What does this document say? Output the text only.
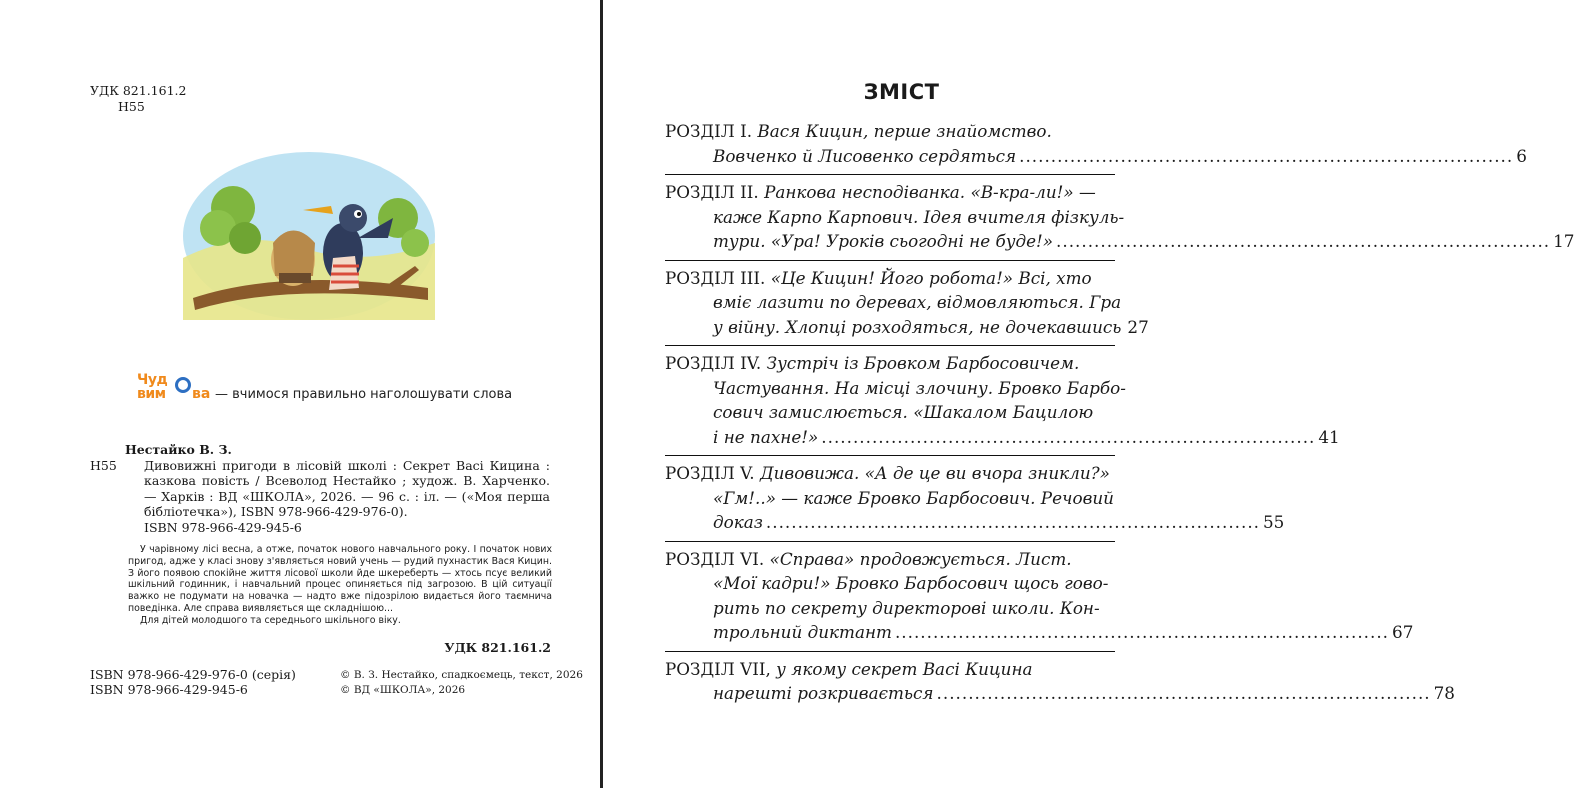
УДК 821.161.2
Н55
Чуд
вим ва — вчимося правильно наголошувати слова
Нестайко В. З.
Н55	Дивовижні пригоди в лісовій школі : Секрет Васі Кицина : казкова повість / Всеволод Нестайко ; худож. В. Харченко. — Харків : ВД «ШКОЛА», 2026. — 96 с. : іл. — («Моя перша бібліотечка»), ISBN 978-966-429-976-0).
ISBN 978-966-429-945-6

У чарівному лісі весна, а отже, початок нового навчального року. І початок нових пригод, адже у класі знову з'являється новий учень — рудий пухнастик Вася Кицин. З його появою спокійне життя лісової школи йде шкереберть — хтось псує великий шкільний годинник, і навчальний процес опиняється під загрозою. В цій ситуації важко не подумати на новачка — надто вже підозрілою видається його таємнича поведінка. Але справа виявляється ще складнішою...

Для дітей молодшого та середнього шкільного віку.

УДК 821.161.2
ISBN 978-966-429-976-0 (серія)
ISBN 978-966-429-945-6
© В. З. Нестайко, спадкоємець, текст, 2026
© ВД «ШКОЛА», 2026
ЗМІСТ
РОЗДІЛ І. Вася Кицин, перше знайомство.
Вовченко й Лисовенко сердяться .............................................................................. 6
РОЗДІЛ ІІ. Ранкова несподіванка. «В-кра-ли!» —
каже Карпо Карпович. Ідея вчителя фізкуль-
тури. «Ура! Уроків сьогодні не буде!» .............................................................................. 17
РОЗДІЛ ІІІ. «Це Кицин! Його робота!» Всі, хто
вміє лазити по деревах, відмовляються. Гра
у війну. Хлопці розходяться, не дочекавшись 27
РОЗДІЛ ІV. Зустріч із Бровком Барбосовичем.
Частування. На місці злочину. Бровко Барбо-
сович замислюється. «Шакалом Бацилою
і не пахне!» .............................................................................. 41
РОЗДІЛ V. Дивовижа. «А де це ви вчора зникли?»
«Гм!..» — каже Бровко Барбосович. Речовий
доказ .............................................................................. 55
РОЗДІЛ VІ. «Справа» продовжується. Лист.
«Мої кадри!» Бровко Барбосович щось гово-
рить по секрету директорові школи. Кон-
трольний диктант .............................................................................. 67
РОЗДІЛ VІІ, у якому секрет Васі Кицина
нарешті розкривається .............................................................................. 78
